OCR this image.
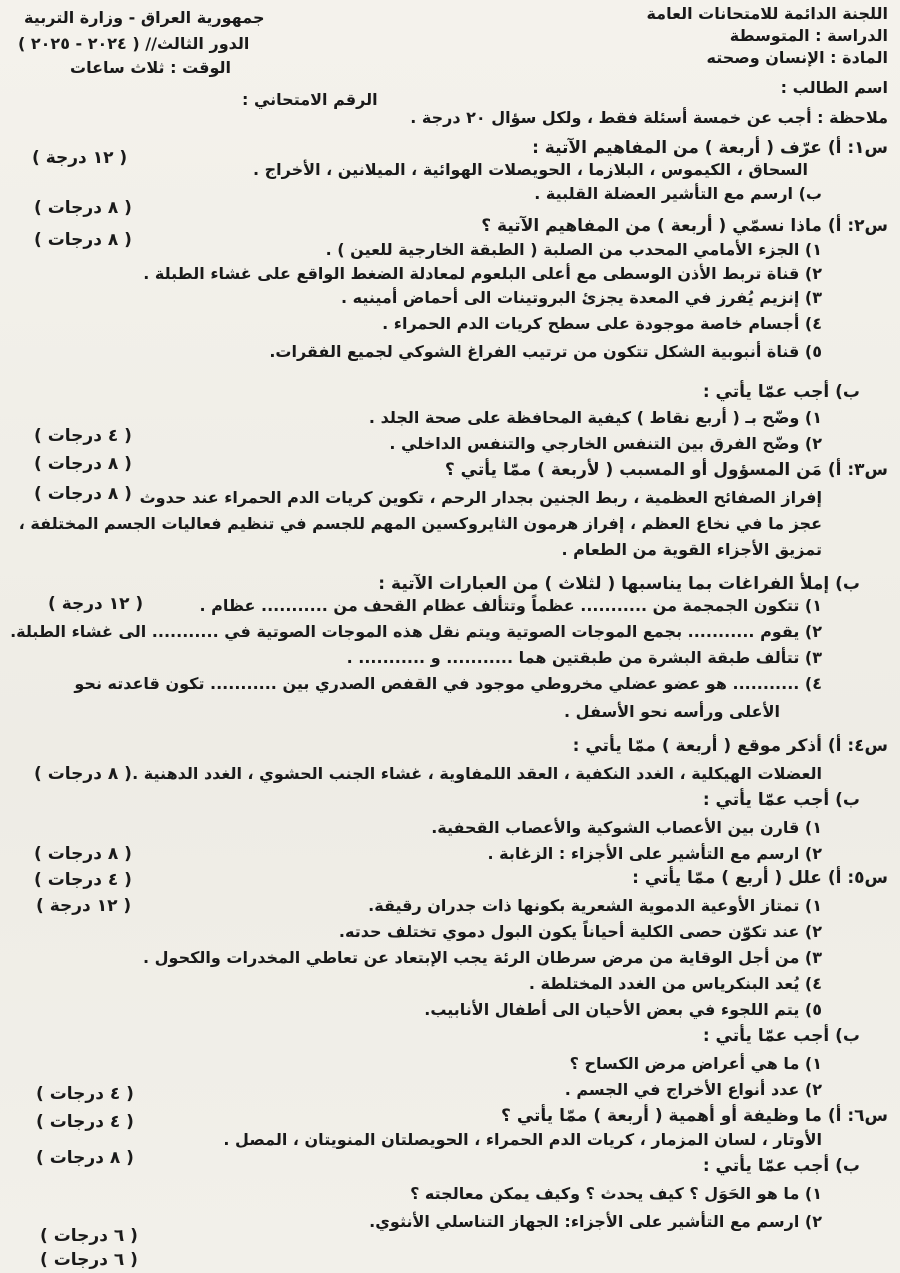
اللجنة الدائمة للامتحانات العامة
الدراسة : المتوسطة
المادة : الإنسان وصحته
جمهورية العراق - وزارة التربية
الدور الثالث// ( ٢٠٢٤ - ٢٠٢٥ )
الوقت : ثلاث ساعات
اسم الطالب :
الرقم الامتحاني :
ملاحظة : أجب عن خمسة أسئلة فقط ، ولكل سؤال ٢٠ درجة .
س١: أ) عرّف ( أربعة ) من المفاهيم الآتية :
السحاق ، الكيموس ، البلازما ، الحويصلات الهوائية ، الميلانين ، الأخراج .
ب) ارسم مع التأشير العضلة القلبية .
س٢: أ) ماذا نسمّي ( أربعة ) من المفاهيم الآتية ؟
١) الجزء الأمامي المحدب من الصلبة ( الطبقة الخارجية للعين ) .
٢) قناة تربط الأذن الوسطى مع أعلى البلعوم لمعادلة الضغط الواقع على غشاء الطبلة .
٣) إنزيم يُفرز في المعدة يجزئ البروتينات الى أحماض أمينيه .
٤) أجسام خاصة موجودة على سطح كريات الدم الحمراء .
٥) قناة أنبوبية الشكل تتكون من ترتيب الفراغ الشوكي لجميع الفقرات.
ب) أجب عمّا يأتي :
١) وضّح بـ ( أربع نقاط ) كيفية المحافظة على صحة الجلد .
٢) وضّح الفرق بين التنفس الخارجي والتنفس الداخلي .
س٣: أ) مَن المسؤول أو المسبب ( لأربعة ) ممّا يأتي ؟
إفراز الصفائح العظمية ، ربط الجنين بجدار الرحم ، تكوين كريات الدم الحمراء عند حدوث
عجز ما في نخاع العظم ، إفراز هرمون الثايروكسين المهم للجسم في تنظيم فعاليات الجسم المختلفة ،
تمزيق الأجزاء القوية من الطعام .
ب) إملأ الفراغات بما يناسبها ( لثلاث ) من العبارات الآتية :
١) تتكون الجمجمة من ........... عظماً وتتألف عظام القحف من ........... عظام .
٢) يقوم ........... بجمع الموجات الصوتية ويتم نقل هذه الموجات الصوتية في ........... الى غشاء الطبلة.
٣) تتألف طبقة البشرة من طبقتين هما ........... و ........... .
٤) ........... هو عضو عضلي مخروطي موجود في القفص الصدري بين ........... تكون قاعدته نحو
الأعلى ورأسه نحو الأسفل .
س٤: أ) أذكر موقع ( أربعة ) ممّا يأتي :
العضلات الهيكلية ، الغدد النكفية ، العقد اللمفاوية ، غشاء الجنب الحشوي ، الغدد الدهنية .
ب) أجب عمّا يأتي :
١) قارن بين الأعصاب الشوكية والأعصاب القحفية.
٢) ارسم مع التأشير على الأجزاء : الزغابة .
س٥: أ) علل ( أربع ) ممّا يأتي :
١) تمتاز الأوعية الدموية الشعرية بكونها ذات جدران رقيقة.
٢) عند تكوّن حصى الكلية أحياناً يكون البول دموي تختلف حدته.
٣) من أجل الوقاية من مرض سرطان الرئة يجب الإبتعاد عن تعاطي المخدرات والكحول .
٤) يُعد البنكرياس من الغدد المختلطة .
٥) يتم اللجوء في بعض الأحيان الى أطفال الأنابيب.
ب) أجب عمّا يأتي :
١) ما هي أعراض مرض الكساح ؟
٢) عدد أنواع الأخراج في الجسم .
س٦: أ) ما وظيفة أو أهمية ( أربعة ) ممّا يأتي ؟
الأوتار ، لسان المزمار ، كريات الدم الحمراء ، الحويصلتان المنويتان ، المصل .
ب) أجب عمّا يأتي :
١) ما هو الحَوَل ؟ كيف يحدث ؟ وكيف يمكن معالجته ؟
٢) ارسم مع التأشير على الأجزاء: الجهاز التناسلي الأنثوي.
( ١٢ درجة )
( ٨ درجات )
( ٨ درجات )
( ٤ درجات )
( ٨ درجات )
( ٨ درجات )
( ١٢ درجة )
( ٨ درجات )
( ٨ درجات )
( ٤ درجات )
( ١٢ درجة )
( ٤ درجات )
( ٤ درجات )
( ٨ درجات )
( ٦ درجات )
( ٦ درجات )
